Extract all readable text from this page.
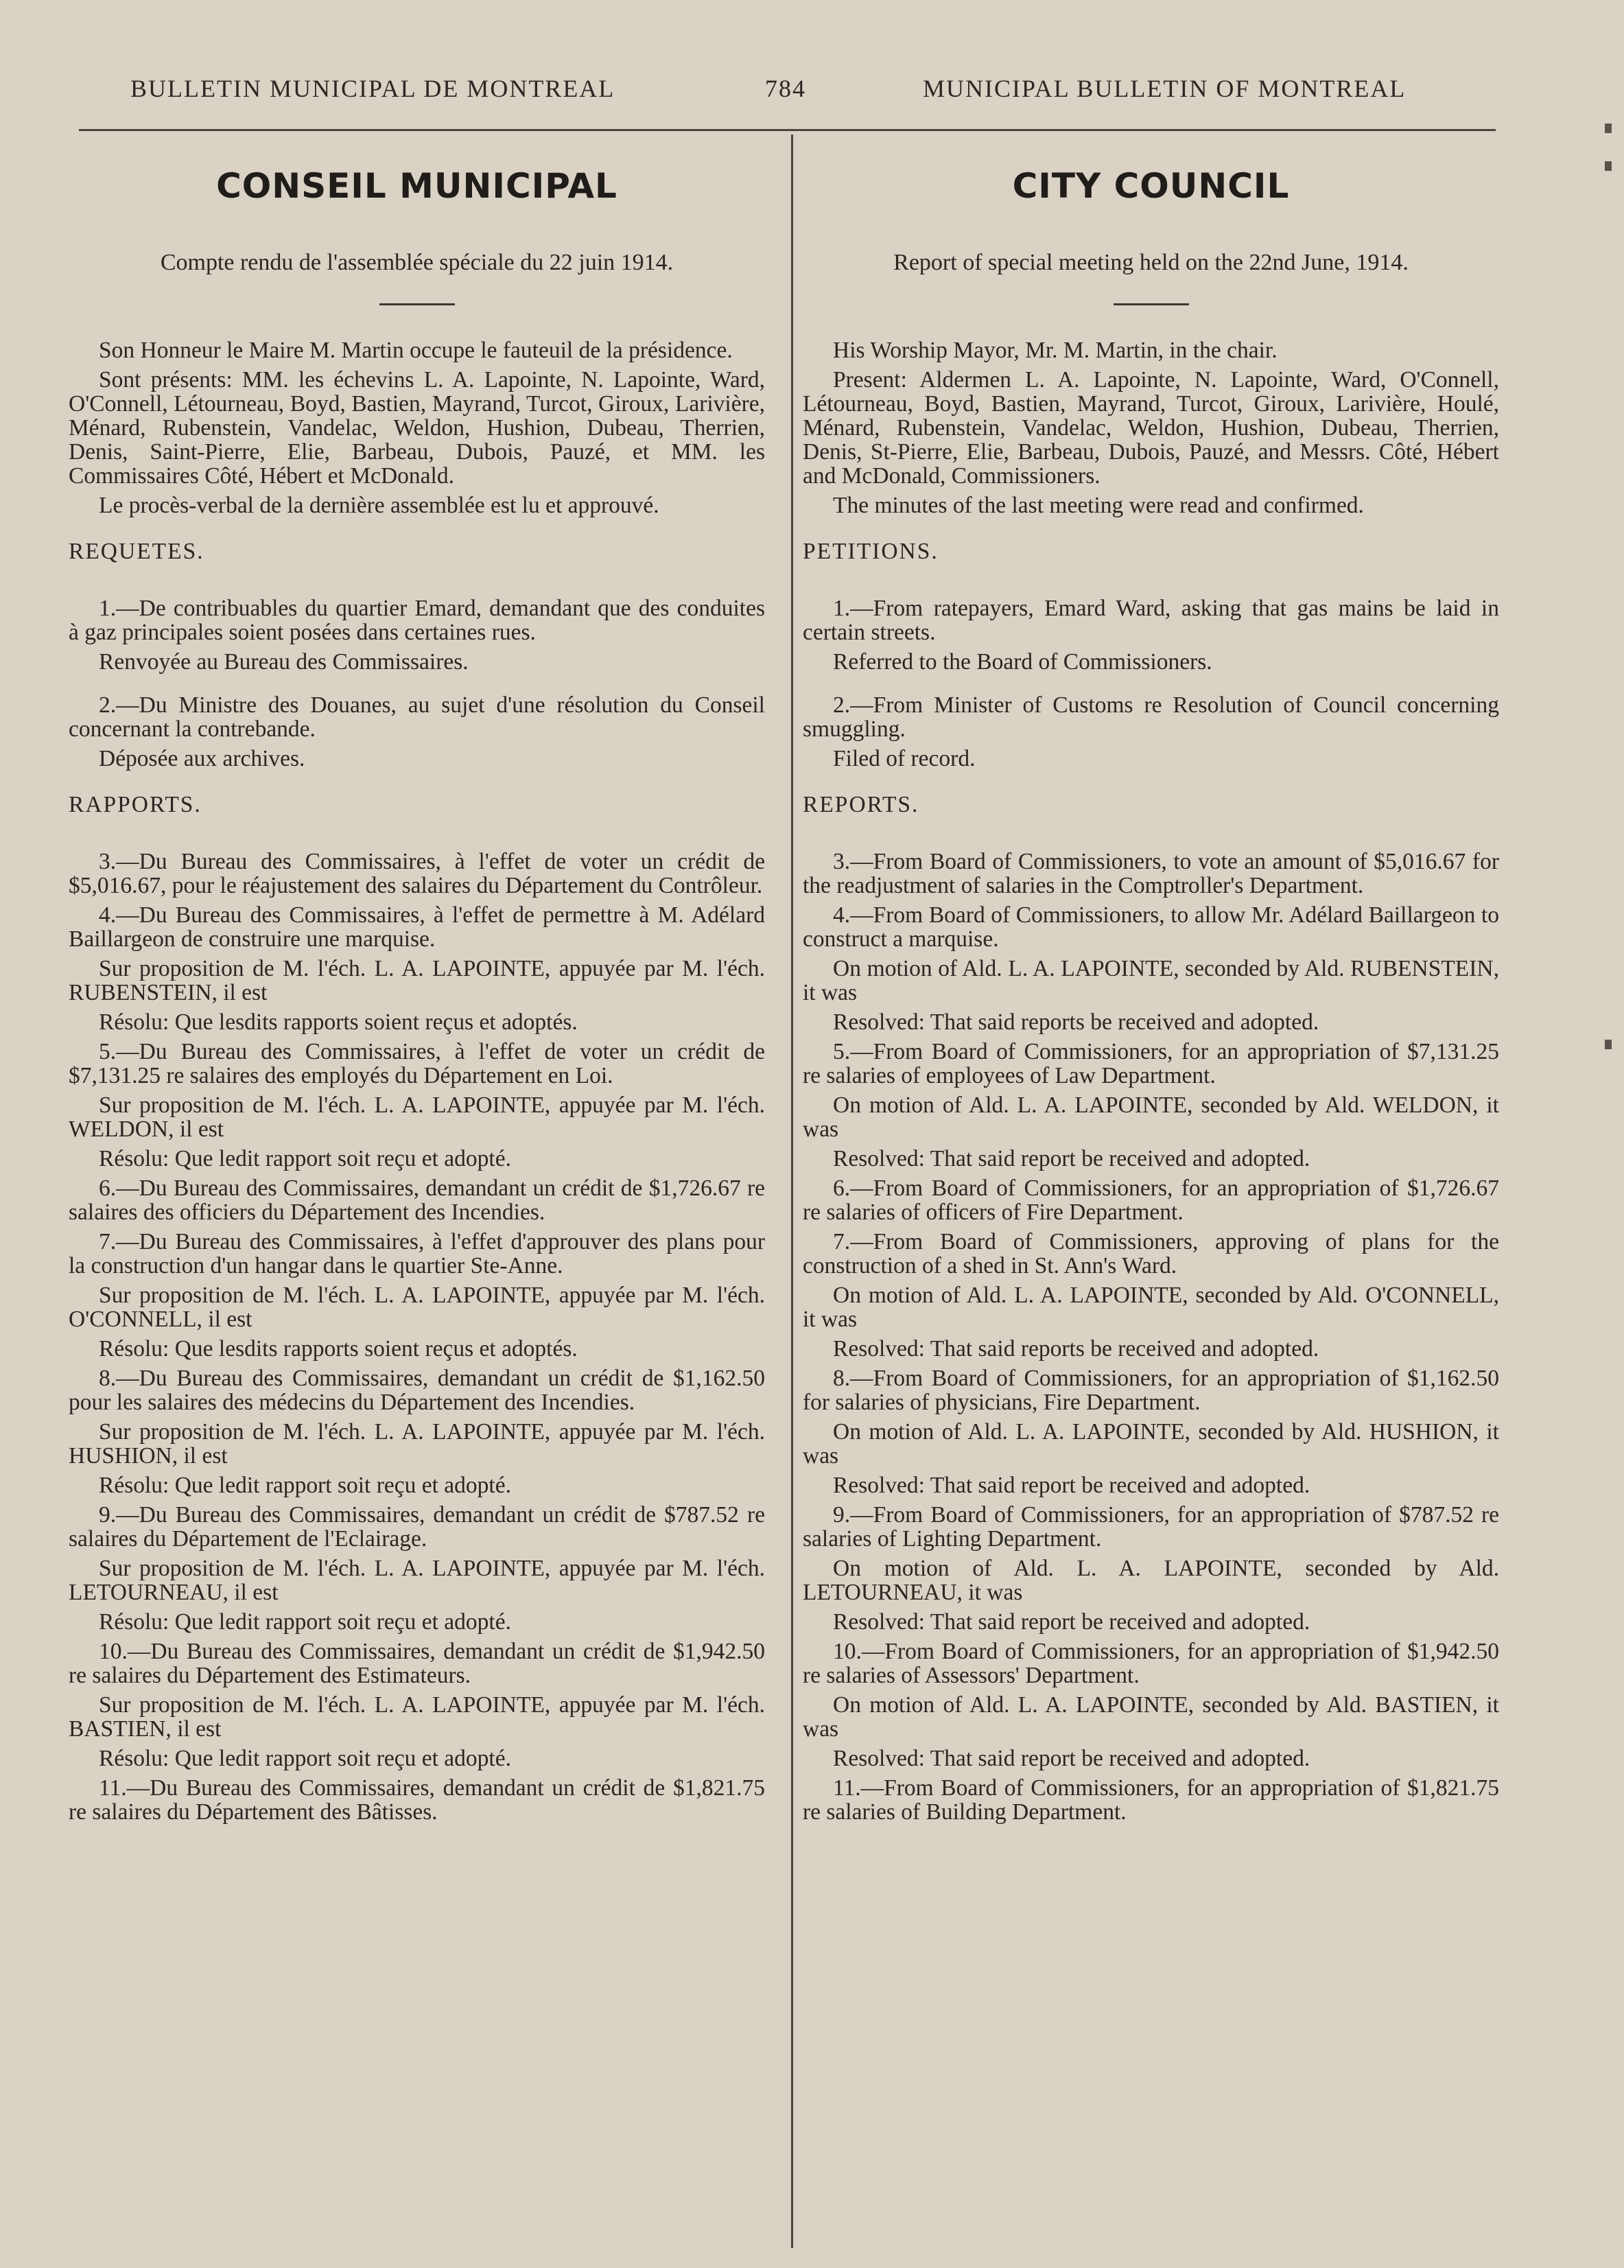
BULLETIN MUNICIPAL DE MONTREAL	784	MUNICIPAL BULLETIN OF MONTREAL
CONSEIL MUNICIPAL
Compte rendu de l'assemblée spéciale du 22 juin 1914.

Son Honneur le Maire M. Martin occupe le fauteuil de la présidence.

Sont présents: MM. les échevins L. A. Lapointe, N. Lapointe, Ward, O'Connell, Létourneau, Boyd, Bastien, Mayrand, Turcot, Giroux, Larivière, Ménard, Rubenstein, Vandelac, Weldon, Hushion, Dubeau, Therrien, Denis, Saint-Pierre, Elie, Barbeau, Dubois, Pauzé, et MM. les Commissaires Côté, Hébert et McDonald.

Le procès-verbal de la dernière assemblée est lu et approuvé.

REQUETES.

1.—De contribuables du quartier Emard, demandant que des conduites à gaz principales soient posées dans certaines rues.

Renvoyée au Bureau des Commissaires.

2.—Du Ministre des Douanes, au sujet d'une résolution du Conseil concernant la contrebande.

Déposée aux archives.

RAPPORTS.

3.—Du Bureau des Commissaires, à l'effet de voter un crédit de $5,016.67, pour le réajustement des salaires du Département du Contrôleur.

4.—Du Bureau des Commissaires, à l'effet de permettre à M. Adélard Baillargeon de construire une marquise.

Sur proposition de M. l'éch. L. A. LAPOINTE, appuyée par M. l'éch. RUBENSTEIN, il est

Résolu: Que lesdits rapports soient reçus et adoptés.

5.—Du Bureau des Commissaires, à l'effet de voter un crédit de $7,131.25 re salaires des employés du Département en Loi.

Sur proposition de M. l'éch. L. A. LAPOINTE, appuyée par M. l'éch. WELDON, il est

Résolu: Que ledit rapport soit reçu et adopté.

6.—Du Bureau des Commissaires, demandant un crédit de $1,726.67 re salaires des officiers du Département des Incendies.

7.—Du Bureau des Commissaires, à l'effet d'approuver des plans pour la construction d'un hangar dans le quartier Ste-Anne.

Sur proposition de M. l'éch. L. A. LAPOINTE, appuyée par M. l'éch. O'CONNELL, il est

Résolu: Que lesdits rapports soient reçus et adoptés.

8.—Du Bureau des Commissaires, demandant un crédit de $1,162.50 pour les salaires des médecins du Département des Incendies.

Sur proposition de M. l'éch. L. A. LAPOINTE, appuyée par M. l'éch. HUSHION, il est

Résolu: Que ledit rapport soit reçu et adopté.

9.—Du Bureau des Commissaires, demandant un crédit de $787.52 re salaires du Département de l'Eclairage.

Sur proposition de M. l'éch. L. A. LAPOINTE, appuyée par M. l'éch. LETOURNEAU, il est

Résolu: Que ledit rapport soit reçu et adopté.

10.—Du Bureau des Commissaires, demandant un crédit de $1,942.50 re salaires du Département des Estimateurs.

Sur proposition de M. l'éch. L. A. LAPOINTE, appuyée par M. l'éch. BASTIEN, il est

Résolu: Que ledit rapport soit reçu et adopté.

11.—Du Bureau des Commissaires, demandant un crédit de $1,821.75 re salaires du Département des Bâtisses.

CITY COUNCIL
Report of special meeting held on the 22nd June, 1914.

His Worship Mayor, Mr. M. Martin, in the chair.

Present: Aldermen L. A. Lapointe, N. Lapointe, Ward, O'Connell, Létourneau, Boyd, Bastien, Mayrand, Turcot, Giroux, Larivière, Houlé, Ménard, Rubenstein, Vandelac, Weldon, Hushion, Dubeau, Therrien, Denis, St-Pierre, Elie, Barbeau, Dubois, Pauzé, and Messrs. Côté, Hébert and McDonald, Commissioners.

The minutes of the last meeting were read and confirmed.

PETITIONS.

1.—From ratepayers, Emard Ward, asking that gas mains be laid in certain streets.

Referred to the Board of Commissioners.

2.—From Minister of Customs re Resolution of Council concerning smuggling.

Filed of record.

REPORTS.

3.—From Board of Commissioners, to vote an amount of $5,016.67 for the readjustment of salaries in the Comptroller's Department.

4.—From Board of Commissioners, to allow Mr. Adélard Baillargeon to construct a marquise.

On motion of Ald. L. A. LAPOINTE, seconded by Ald. RUBENSTEIN, it was

Resolved: That said reports be received and adopted.

5.—From Board of Commissioners, for an appropriation of $7,131.25 re salaries of employees of Law Department.

On motion of Ald. L. A. LAPOINTE, seconded by Ald. WELDON, it was

Resolved: That said report be received and adopted.

6.—From Board of Commissioners, for an appropriation of $1,726.67 re salaries of officers of Fire Department.

7.—From Board of Commissioners, approving of plans for the construction of a shed in St. Ann's Ward.

On motion of Ald. L. A. LAPOINTE, seconded by Ald. O'CONNELL, it was

Resolved: That said reports be received and adopted.

8.—From Board of Commissioners, for an appropriation of $1,162.50 for salaries of physicians, Fire Department.

On motion of Ald. L. A. LAPOINTE, seconded by Ald. HUSHION, it was

Resolved: That said report be received and adopted.

9.—From Board of Commissioners, for an appropriation of $787.52 re salaries of Lighting Department.

On motion of Ald. L. A. LAPOINTE, seconded by Ald. LETOURNEAU, it was

Resolved: That said report be received and adopted.

10.—From Board of Commissioners, for an appropriation of $1,942.50 re salaries of Assessors' Department.

On motion of Ald. L. A. LAPOINTE, seconded by Ald. BASTIEN, it was

Resolved: That said report be received and adopted.

11.—From Board of Commissioners, for an appropriation of $1,821.75 re salaries of Building Department.
